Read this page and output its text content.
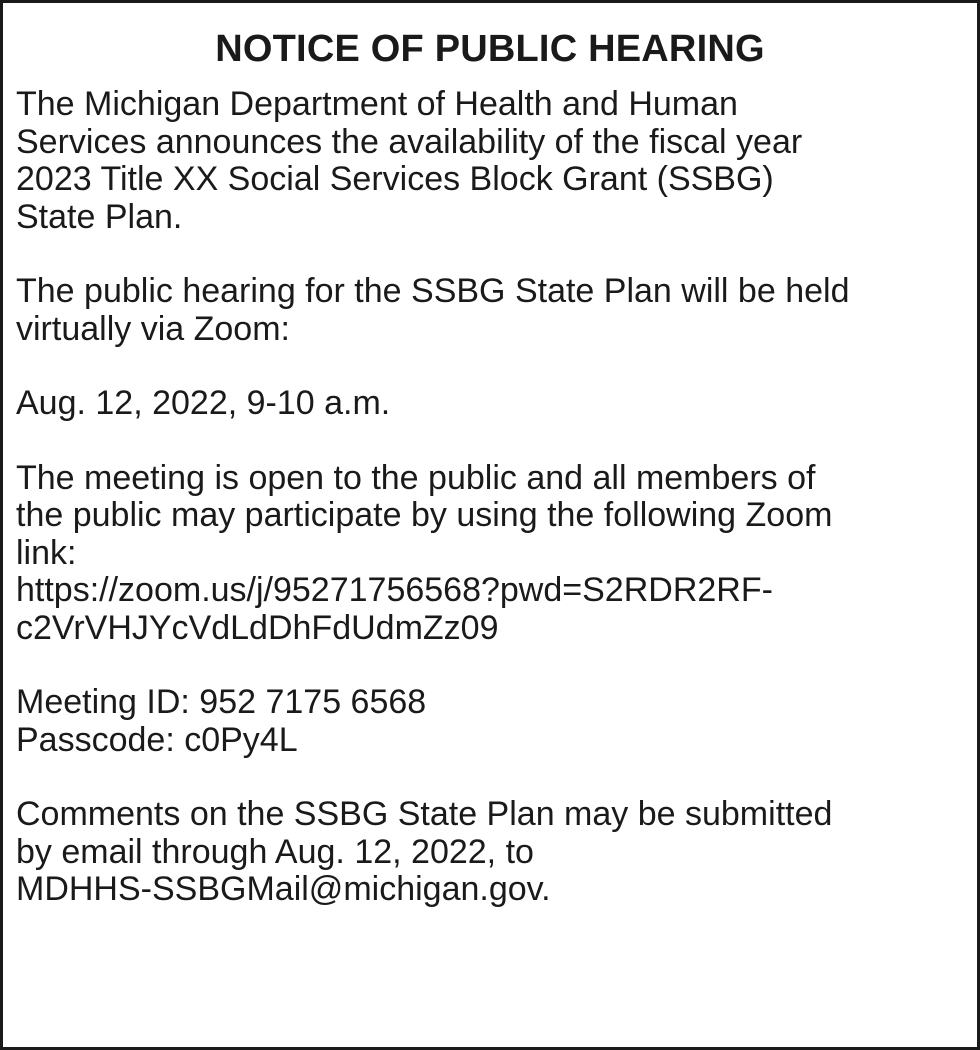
NOTICE OF PUBLIC HEARING

The Michigan Department of Health and Human
Services announces the availability of the fiscal year
2023 Title XX Social Services Block Grant (SSBG)
State Plan.

The public hearing for the SSBG State Plan will be held
virtually via Zoom:

Aug. 12, 2022, 9-10 a.m.

The meeting is open to the public and all members of
the public may participate by using the following Zoom
link:
https://zoom.us/j/95271756568?pwd=S2RDR2RF-
c2VrVHJYcVdLdDhFdUdmZz09

Meeting ID: 952 7175 6568
Passcode: c0Py4L

Comments on the SSBG State Plan may be submitted
by email through Aug. 12, 2022, to
MDHHS-SSBGMail@michigan.gov.
